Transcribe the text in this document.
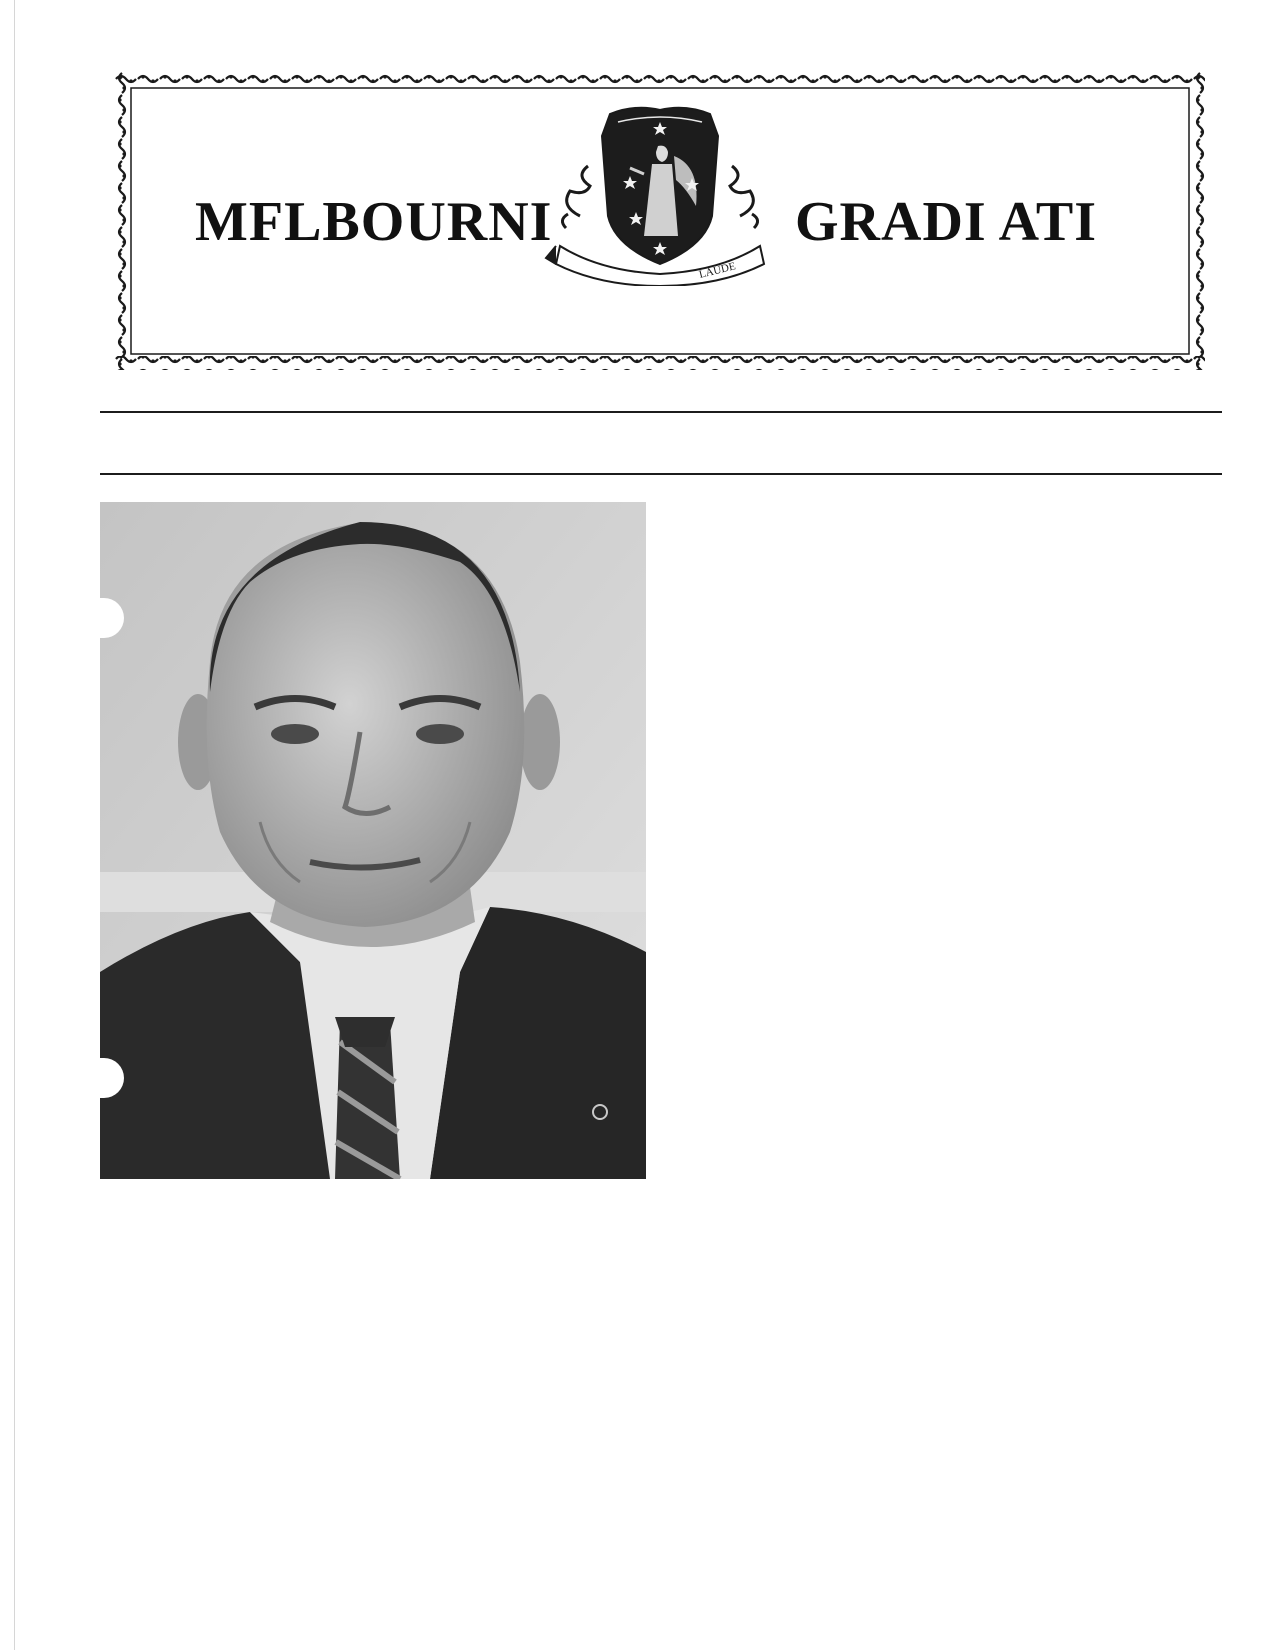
MFLBOURNI
LAUDE
GRADI ATI
